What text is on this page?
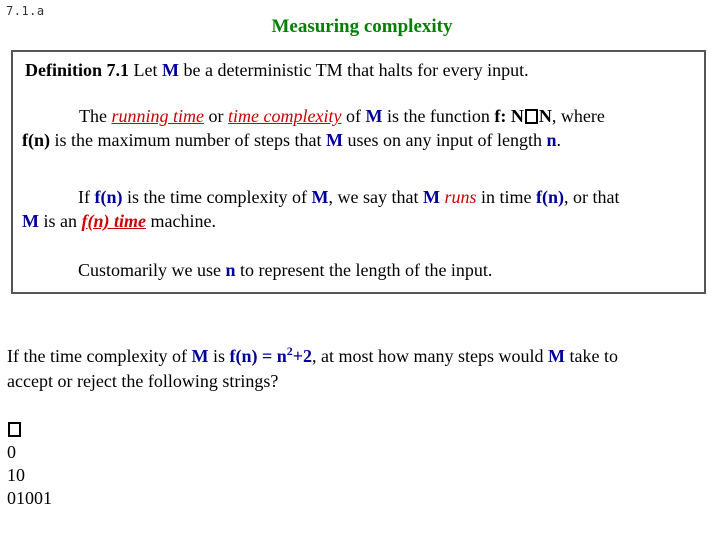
7.1.a
Measuring complexity
Definition 7.1 Let M be a deterministic TM that halts for every input.
The running time or time complexity of M is the function f: N N, where
f(n) is the maximum number of steps that M uses on any input of length n.
If f(n) is the time complexity of M, we say that M runs in time f(n), or that
M is an f(n) time machine.
Customarily we use n to represent the length of the input.
If the time complexity of M is $f(n) = n^2+2$, at most how many steps would M take to
accept or reject the following strings?
0
10
01001
